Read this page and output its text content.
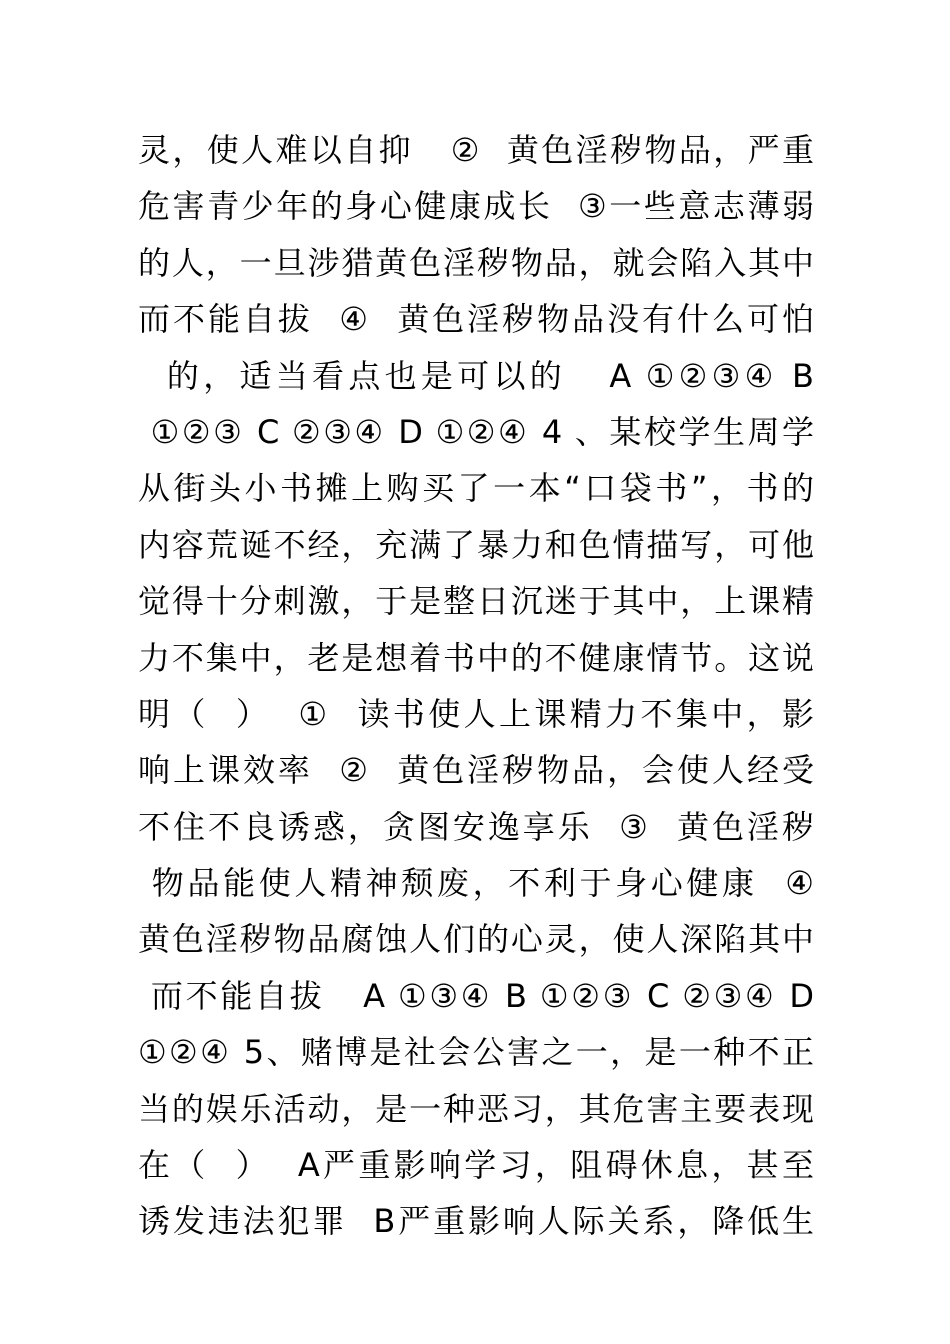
灵，使人难以自抑   ②  黄色淫秽物品，严重
危害青少年的身心健康成长  ③一些意志薄弱
的人，一旦涉猎黄色淫秽物品，就会陷入其中
而不能自拔  ④  黄色淫秽物品没有什么可怕
的，适当看点也是可以的   A ①②③④ B
①②③ C ②③④ D ①②④ 4 、某校学生周学
从街头小书摊上购买了一本“口袋书”，书的
内容荒诞不经，充满了暴力和色情描写，可他
觉得十分刺激，于是整日沉迷于其中，上课精
力不集中，老是想着书中的不健康情节。这说
明（  ）  ①  读书使人上课精力不集中，影
响上课效率  ②  黄色淫秽物品，会使人经受
不住不良诱惑，贪图安逸享乐  ③  黄色淫秽
物品能使人精神颓废，不利于身心健康  ④
黄色淫秽物品腐蚀人们的心灵，使人深陷其中
而不能自拔   A ①③④ B ①②③ C ②③④ D
①②④ 5、赌博是社会公害之一，是一种不正
当的娱乐活动，是一种恶习，其危害主要表现
在（  ）  A严重影响学习，阻碍休息，甚至
诱发违法犯罪  B严重影响人际关系，降低生
